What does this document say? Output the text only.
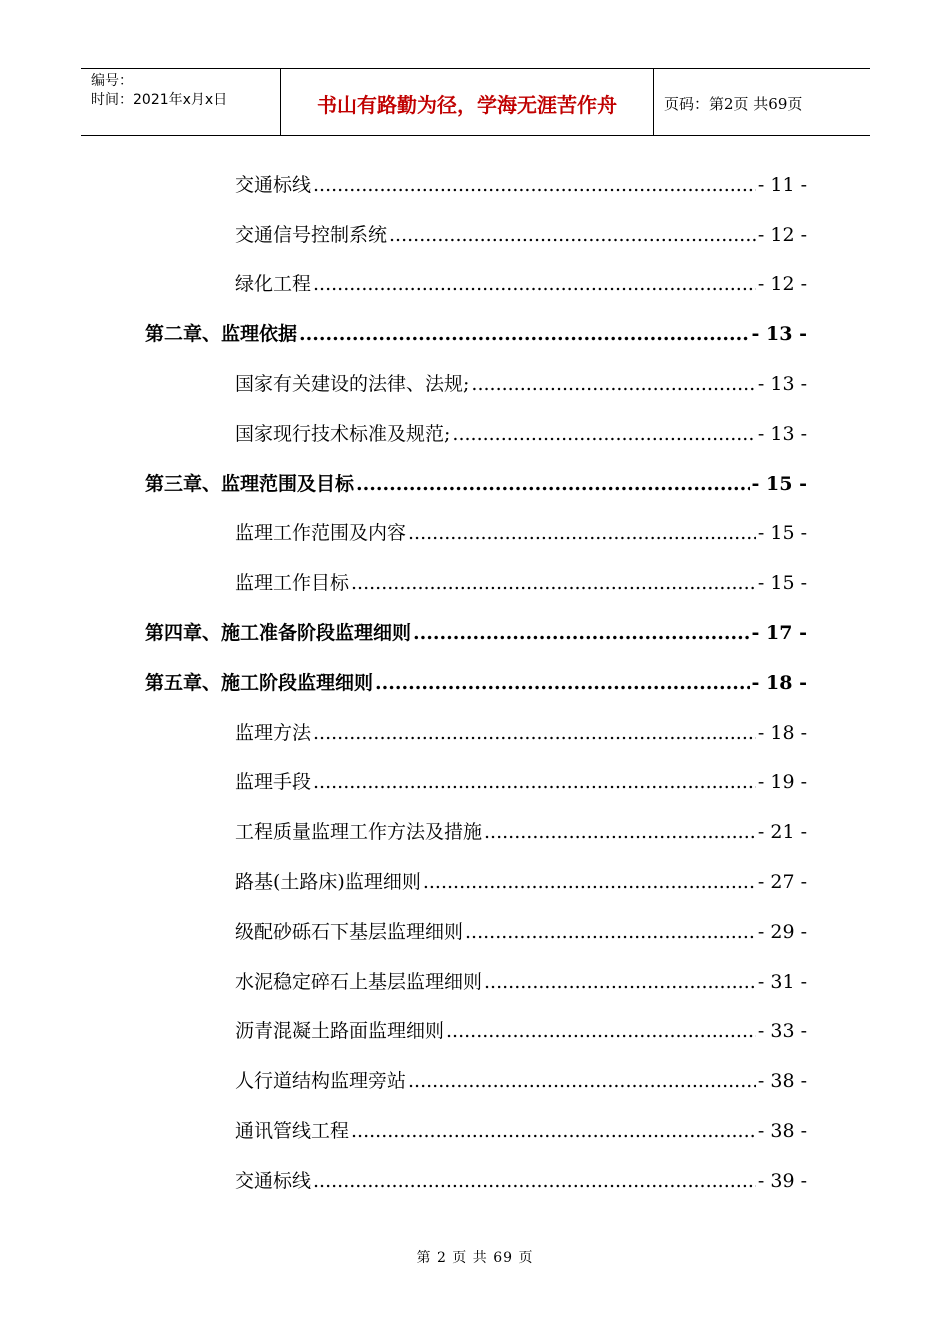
编号：
时间：2021年x月x日	书山有路勤为径，学海无涯苦作舟	页码：第2页 共69页
交通标线 .....	- 11 -
交通信号控制系统 .....	- 12 -
绿化工程 .....	- 12 -
第二章、监理依据 .....	- 13 -
国家有关建设的法律、法规; .....	- 13 -
国家现行技术标准及规范; .....	- 13 -
第三章、监理范围及目标 .....	- 15 -
监理工作范围及内容 .....	- 15 -
监理工作目标 .....	- 15 -
第四章、施工准备阶段监理细则 .....	- 17 -
第五章、施工阶段监理细则 .....	- 18 -
监理方法 .....	- 18 -
监理手段 .....	- 19 -
工程质量监理工作方法及措施 .....	- 21 -
路基(土路床)监理细则 .....	- 27 -
级配砂砾石下基层监理细则 .....	- 29 -
水泥稳定碎石上基层监理细则 .....	- 31 -
沥青混凝土路面监理细则 .....	- 33 -
人行道结构监理旁站 .....	- 38 -
通讯管线工程 .....	- 38 -
交通标线 .....	- 39 -
第 2 页 共 69 页
